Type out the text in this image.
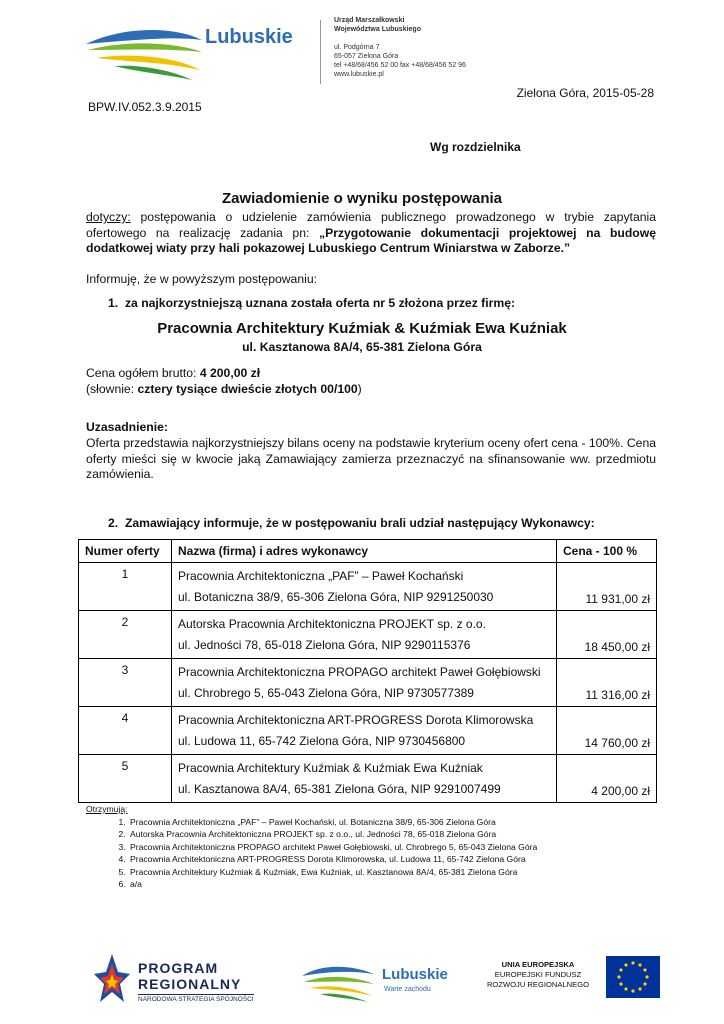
Lubuskie
Urząd Marszałkowski
Województwa Lubuskiego
ul. Podgórna 7
65-057 Zielona Góra
tel +48/68/456 52 00 fax +48/68/456 52 96
www.lubuskie.pl
Zielona Góra, 2015-05-28
BPW.IV.052.3.9.2015
Wg rozdzielnika
Zawiadomienie o wyniku postępowania
dotyczy: postępowania o udzielenie zamówienia publicznego prowadzonego w trybie zapytania ofertowego na realizację zadania pn: „Przygotowanie dokumentacji projektowej na budowę dodatkowej wiaty przy hali pokazowej Lubuskiego Centrum Winiarstwa w Zaborze.”
Informuję, że w powyższym postępowaniu:
1.  za najkorzystniejszą uznana została oferta nr 5 złożona przez firmę:
Pracownia Architektury Kuźmiak & Kuźmiak Ewa Kuźniak
ul. Kasztanowa 8A/4, 65-381 Zielona Góra
Cena ogółem brutto: 4 200,00 zł
(słownie: cztery tysiące dwieście złotych 00/100)
Uzasadnienie:
Oferta przedstawia najkorzystniejszy bilans oceny na podstawie kryterium oceny ofert cena - 100%. Cena oferty mieści się w kwocie jaką Zamawiający zamierza przeznaczyć na sfinansowanie ww. przedmiotu zamówienia.
2.  Zamawiający informuje, że w postępowaniu brali udział następujący Wykonawcy:
Numer oferty	Nazwa (firma) i adres wykonawcy	Cena - 100 %
1	Pracownia Architektoniczna „PAF” – Paweł Kochański
ul. Botaniczna 38/9, 65-306 Zielona Góra, NIP 9291250030	11 931,00 zł
2	Autorska Pracownia Architektoniczna PROJEKT sp. z o.o.
ul. Jedności 78, 65-018 Zielona Góra, NIP 9290115376	18 450,00 zł
3	Pracownia Architektoniczna PROPAGO architekt Paweł Gołębiowski
ul. Chrobrego 5, 65-043 Zielona Góra, NIP 9730577389	11 316,00 zł
4	Pracownia Architektoniczna ART-PROGRESS Dorota Klimorowska
ul. Ludowa 11, 65-742 Zielona Góra, NIP 9730456800	14 760,00 zł
5	Pracownia Architektury Kuźmiak & Kuźmiak Ewa Kuźniak
ul. Kasztanowa 8A/4, 65-381 Zielona Góra, NIP 9291007499	4 200,00 zł
Otrzymują:
1. Pracownia Architektoniczna „PAF” – Paweł Kochański, ul. Botaniczna 38/9, 65-306 Zielona Góra
2. Autorska Pracownia Architektoniczna PROJEKT sp. z o.o., ul. Jedności 78, 65-018 Zielona Góra
3. Pracownia Architektoniczna PROPAGO architekt Paweł Gołębiowski, ul. Chrobrego 5, 65-043 Zielona Góra
4. Pracownia Architektoniczna ART-PROGRESS Dorota Klimorowska, ul. Ludowa 11, 65-742 Zielona Góra
5. Pracownia Architektury Kuźmiak & Kuźmiak, Ewa Kuźniak, ul. Kasztanowa 8A/4, 65-381 Zielona Góra
6. a/a
PROGRAM
REGIONALNY
NARODOWA STRATEGIA SPÓJNOŚCI
Lubuskie
Warte zachodu
UNIA EUROPEJSKA
EUROPEJSKI FUNDUSZ
ROZWOJU REGIONALNEGO
